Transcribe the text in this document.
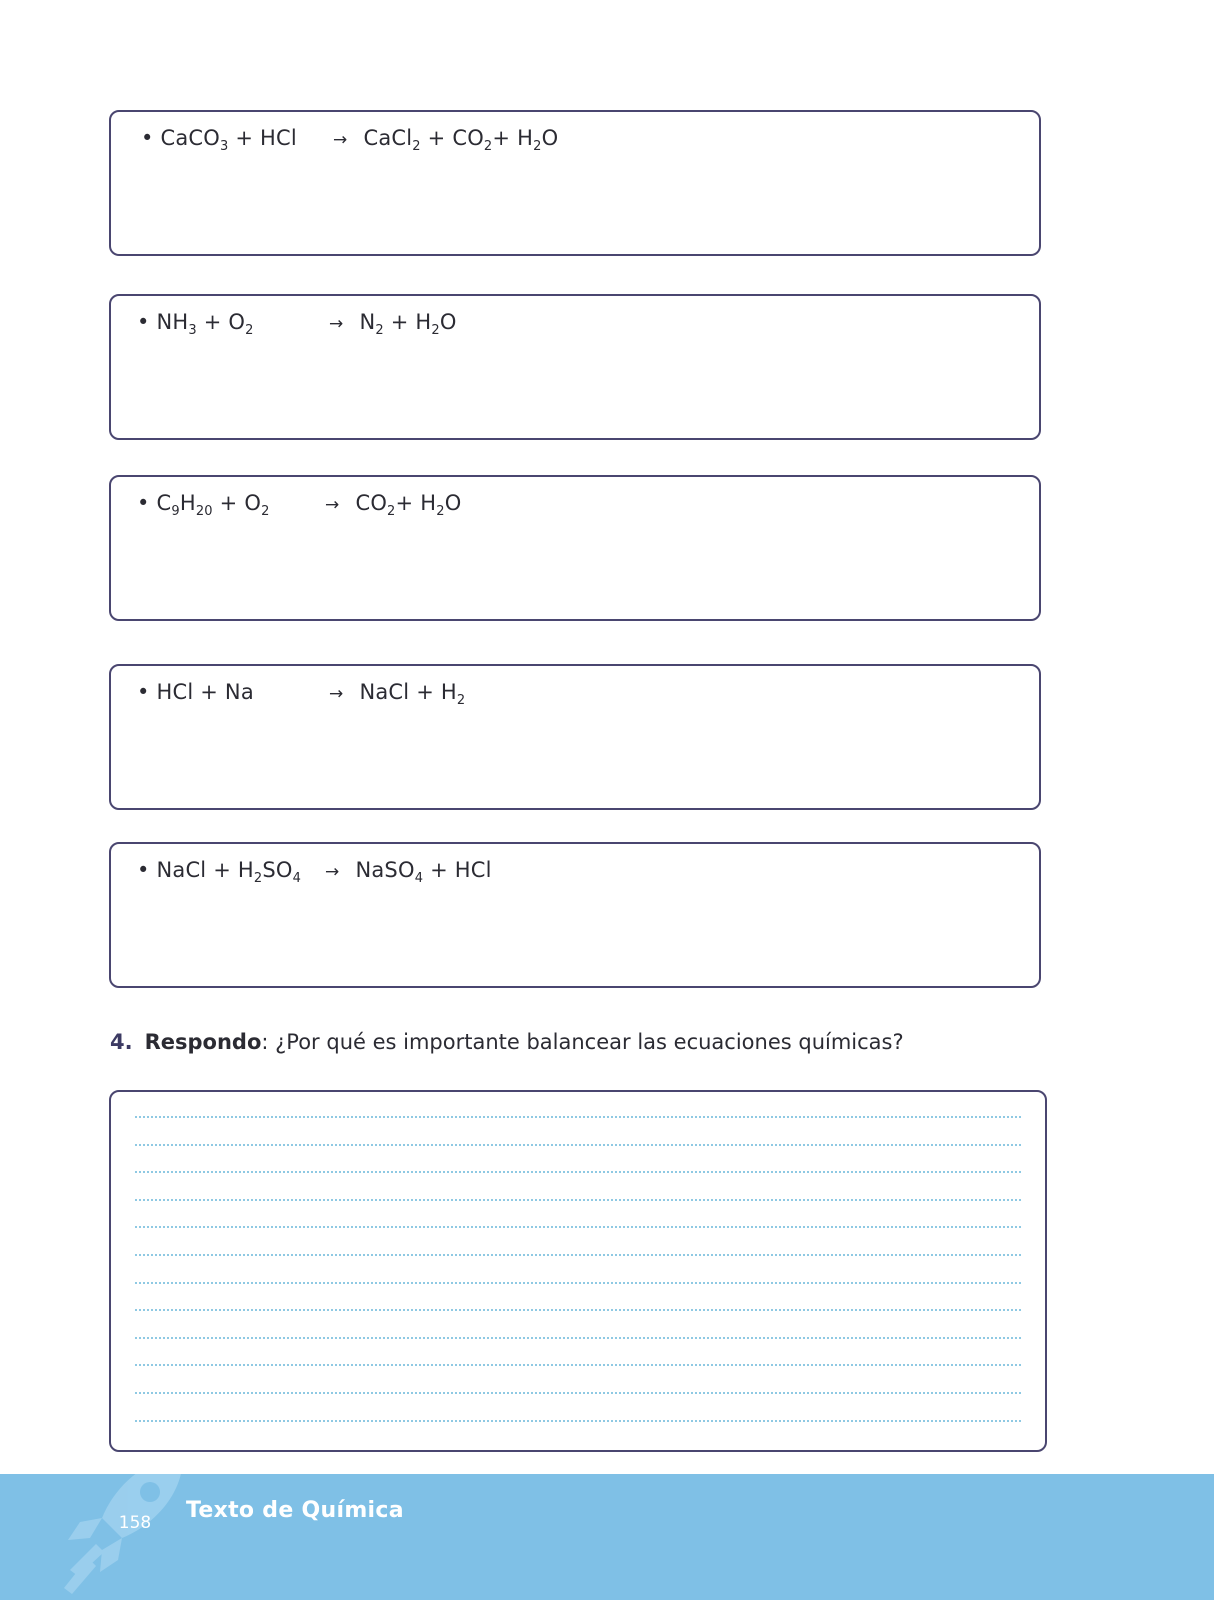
• CaCO$_3$ + HCl → CaCl$_2$ + $CO_2+ H_2O$
• $NH_3 + O_2$	→ $N_2 + H_2O$
• $C_9H_{20} + O_2$	→ $CO_2+ H_2O$
• HCl + Na	→ NaCl + $H_2$
• NaCl + $H_2SO_4$ → NaSO$_4$ + HCl
4. Respondo: ¿Por qué es importante balancear las ecuaciones químicas?
158 Texto de Química
